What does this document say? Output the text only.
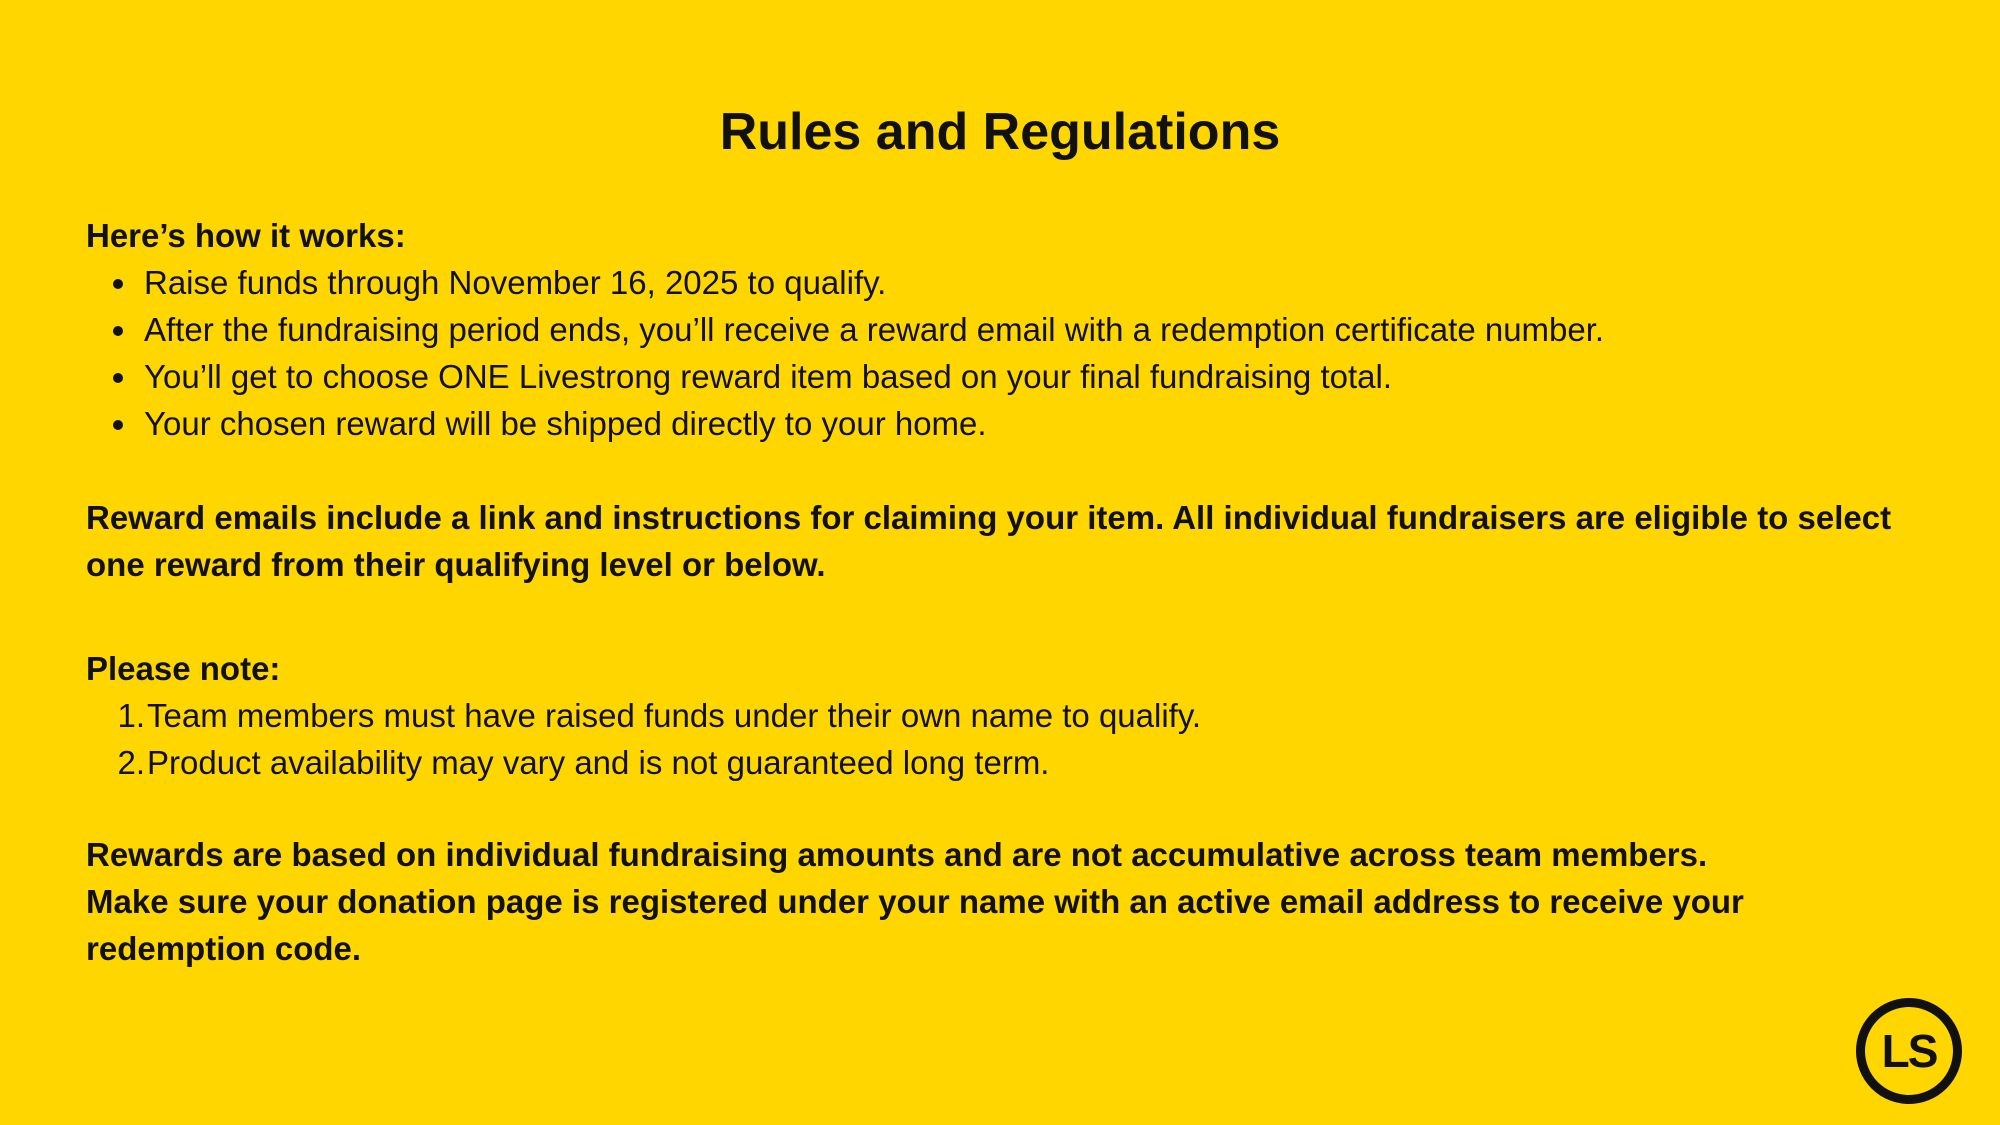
Rules and Regulations
Here’s how it works:
Raise funds through November 16, 2025 to qualify.
After the fundraising period ends, you’ll receive a reward email with a redemption certificate number.
You’ll get to choose ONE Livestrong reward item based on your final fundraising total.
Your chosen reward will be shipped directly to your home.

Reward emails include a link and instructions for claiming your item. All individual fundraisers are eligible to select one reward from their qualifying level or below.

Please note:
1. Team members must have raised funds under their own name to qualify.
2. Product availability may vary and is not guaranteed long term.

Rewards are based on individual fundraising amounts and are not accumulative across team members.

Make sure your donation page is registered under your name with an active email address to receive your redemption code.

LS
